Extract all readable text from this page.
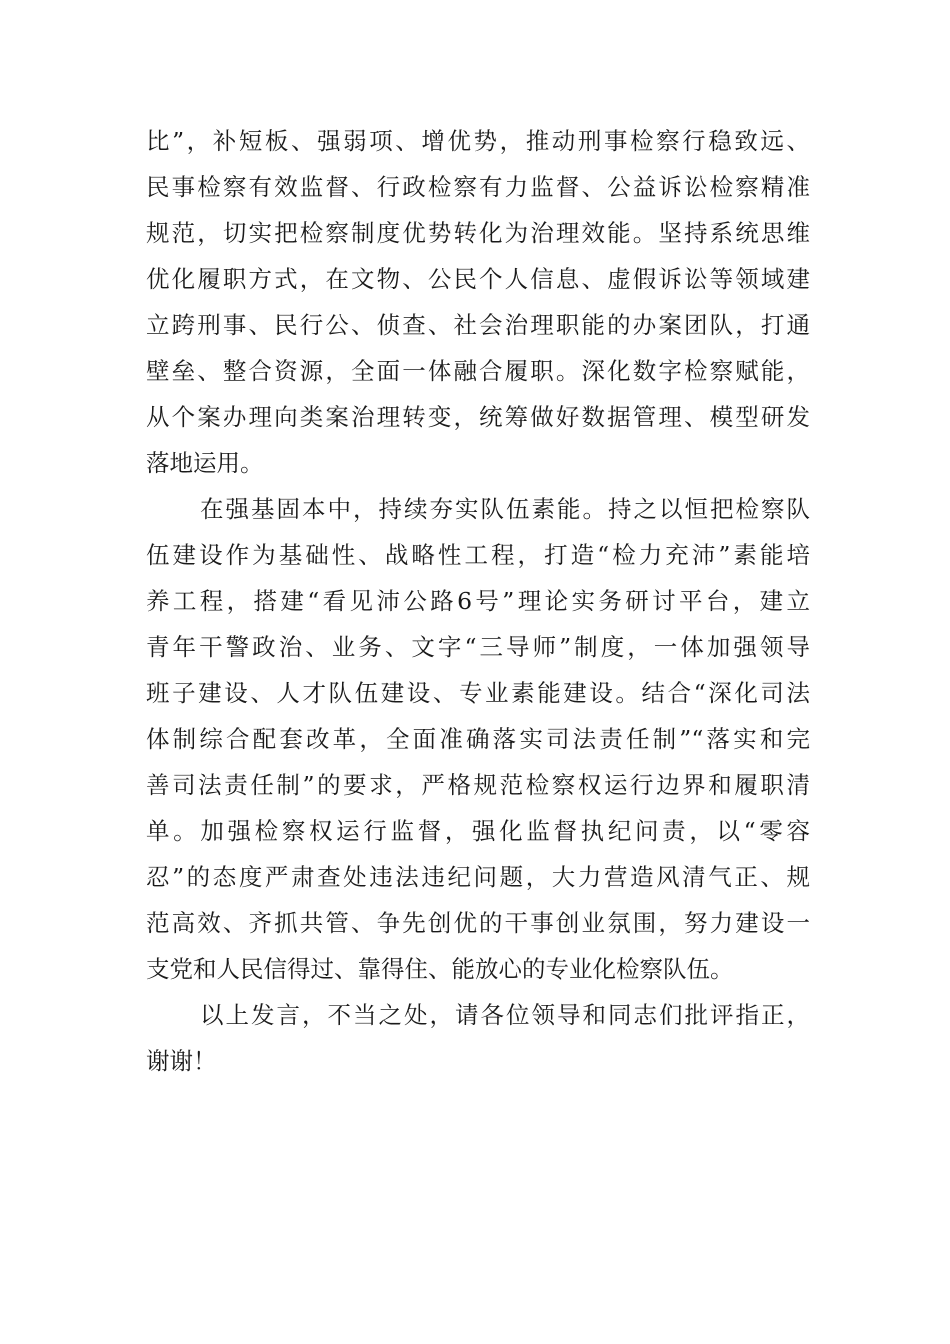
比”，补短板、强弱项、增优势，推动刑事检察行稳致远、
民事检察有效监督、行政检察有力监督、公益诉讼检察精准
规范，切实把检察制度优势转化为治理效能。坚持系统思维
优化履职方式，在文物、公民个人信息、虚假诉讼等领域建
立跨刑事、民行公、侦查、社会治理职能的办案团队，打通
壁垒、整合资源，全面一体融合履职。深化数字检察赋能，
从个案办理向类案治理转变，统筹做好数据管理、模型研发
落地运用。
在强基固本中，持续夯实队伍素能。持之以恒把检察队
伍建设作为基础性、战略性工程，打造“检力充沛”素能培
养工程，搭建“看见沛公路6号”理论实务研讨平台，建立
青年干警政治、业务、文字“三导师”制度，一体加强领导
班子建设、人才队伍建设、专业素能建设。结合“深化司法
体制综合配套改革，全面准确落实司法责任制”“落实和完
善司法责任制”的要求，严格规范检察权运行边界和履职清
单。加强检察权运行监督，强化监督执纪问责，以“零容
忍”的态度严肃查处违法违纪问题，大力营造风清气正、规
范高效、齐抓共管、争先创优的干事创业氛围，努力建设一
支党和人民信得过、靠得住、能放心的专业化检察队伍。
以上发言，不当之处，请各位领导和同志们批评指正，
谢谢！
